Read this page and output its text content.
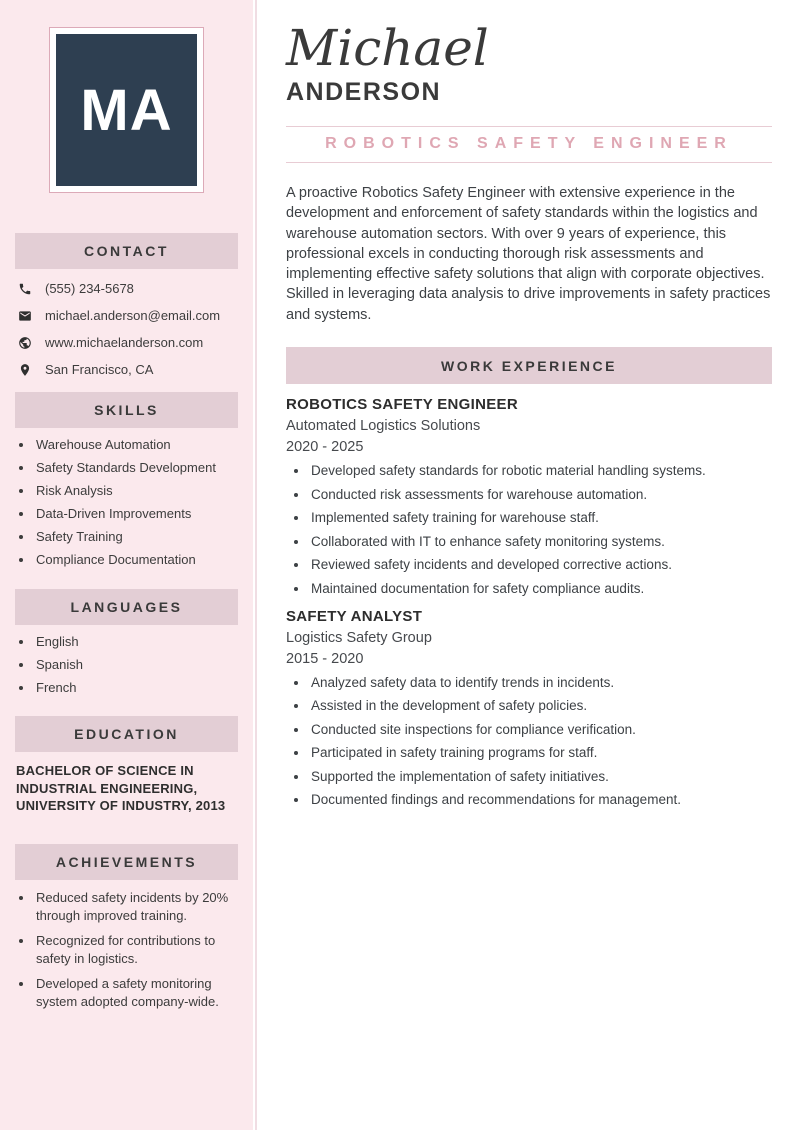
MA
CONTACT
(555) 234-5678
michael.anderson@email.com
www.michaelanderson.com
San Francisco, CA
SKILLS
• Warehouse Automation
• Safety Standards Development
• Risk Analysis
• Data-Driven Improvements
• Safety Training
• Compliance Documentation
LANGUAGES
• English
• Spanish
• French
EDUCATION
BACHELOR OF SCIENCE IN INDUSTRIAL ENGINEERING, UNIVERSITY OF INDUSTRY, 2013
ACHIEVEMENTS
• Reduced safety incidents by 20% through improved training.
• Recognized for contributions to safety in logistics.
• Developed a safety monitoring system adopted company-wide.
Michael
ANDERSON
ROBOTICS SAFETY ENGINEER

A proactive Robotics Safety Engineer with extensive experience in the development and enforcement of safety standards within the logistics and warehouse automation sectors. With over 9 years of experience, this professional excels in conducting thorough risk assessments and implementing effective safety solutions that align with corporate objectives. Skilled in leveraging data analysis to drive improvements in safety practices and systems.

WORK EXPERIENCE
ROBOTICS SAFETY ENGINEER
Automated Logistics Solutions
2020 - 2025
• Developed safety standards for robotic material handling systems.
• Conducted risk assessments for warehouse automation.
• Implemented safety training for warehouse staff.
• Collaborated with IT to enhance safety monitoring systems.
• Reviewed safety incidents and developed corrective actions.
• Maintained documentation for safety compliance audits.
SAFETY ANALYST
Logistics Safety Group
2015 - 2020
• Analyzed safety data to identify trends in incidents.
• Assisted in the development of safety policies.
• Conducted site inspections for compliance verification.
• Participated in safety training programs for staff.
• Supported the implementation of safety initiatives.
• Documented findings and recommendations for management.
